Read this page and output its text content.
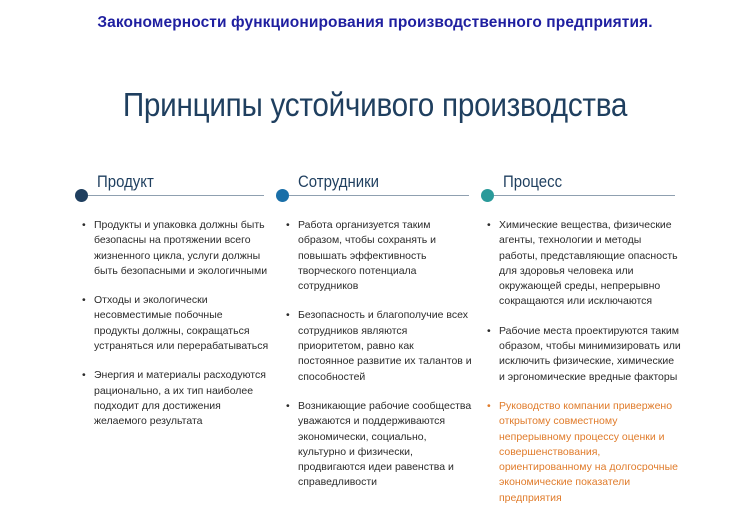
Закономерности функционирования производственного предприятия.
Принципы устойчивого производства
Продукт
• Продукты и упаковка должны быть безопасны на протяжении всего жизненного цикла, услуги должны быть безопасными и экологичными
• Отходы и экологически несовместимые побочные продукты должны, сокращаться устраняться или перерабатываться
• Энергия и материалы расходуются рационально, а их тип наиболее подходит для достижения желаемого результата
Сотрудники
• Работа организуется таким образом, чтобы сохранять и повышать эффективность творческого потенциала сотрудников
• Безопасность и благополучие всех сотрудников являются приоритетом, равно как постоянное развитие их талантов и способностей
• Возникающие рабочие сообщества уважаются и поддерживаются экономически, социально, культурно и физически, продвигаются идеи равенства и справедливости
Процесс
• Химические вещества, физические агенты, технологии и методы работы, представляющие опасность для здоровья человека или окружающей среды, непрерывно сокращаются или исключаются
• Рабочие места проектируются таким образом, чтобы минимизировать или исключить физические, химические и эргономические вредные факторы
• Руководство компании привержено открытому совместному непрерывному процессу оценки и совершенствования, ориентированному на долгосрочные экономические показатели предприятия
